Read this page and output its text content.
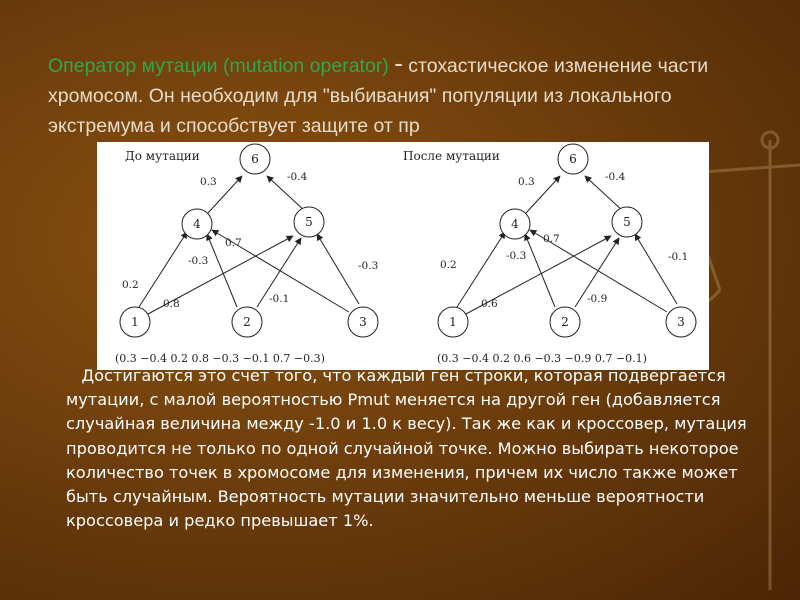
Оператор мутации (mutation operator) - стохастическое изменение части хромосом. Он необходим для "выбивания" популяции из локального экстремума и способствует защите от пр
До мутации	6
4	5
1	2	3
0.3	-0.4
0.2
0.8
-0.3
-0.1
0.7
-0.3
(0.3 −0.4 0.2 0.8 −0.3 −0.1 0.7 −0.3)
После мутации	6
4	5
1	2	3
0.3	-0.4
0.2
0.6
-0.3
-0.9
0.7
-0.1
(0.3 −0.4 0.2 0.6 −0.3 −0.9 0.7 −0.1)
Достигаются это счет того, что каждый ген строки, которая подвергается мутации, с малой вероятностью Pmut меняется на другой ген (добавляется случайная величина между -1.0 и 1.0 к весу). Так же как и кроссовер, мутация проводится не только по одной случайной точке. Можно выбирать некоторое количество точек в хромосоме для изменения, причем их число также может быть случайным. Вероятность мутации значительно меньше вероятности кроссовера и редко превышает 1%.
